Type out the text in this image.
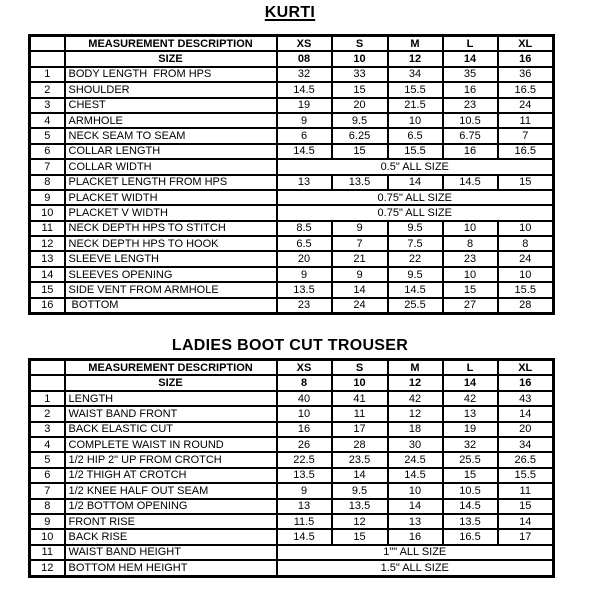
KURTI
	MEASUREMENT DESCRIPTION	XS	S	M	L	XL
	SIZE	08	10	12	14	16
1	BODY LENGTH  FROM HPS	32	33	34	35	36
2	SHOULDER	14.5	15	15.5	16	16.5
3	CHEST	19	20	21.5	23	24
4	ARMHOLE	9	9.5	10	10.5	11
5	NECK SEAM TO SEAM	6	6.25	6.5	6.75	7
6	COLLAR LENGTH	14.5	15	15.5	16	16.5
7	COLLAR WIDTH	0.5" ALL SIZE				
8	PLACKET LENGTH FROM HPS	13	13.5	14	14.5	15
9	PLACKET WIDTH	0.75" ALL SIZE				
10	PLACKET V WIDTH	0.75" ALL SIZE				
11	NECK DEPTH HPS TO STITCH	8.5	9	9.5	10	10
12	NECK DEPTH HPS TO HOOK	6.5	7	7.5	8	8
13	SLEEVE LENGTH	20	21	22	23	24
14	SLEEVES OPENING	9	9	9.5	10	10
15	SIDE VENT FROM ARMHOLE	13.5	14	14.5	15	15.5
16	BOTTOM	23	24	25.5	27	28
LADIES BOOT CUT TROUSER
	MEASUREMENT DESCRIPTION	XS	S	M	L	XL
	SIZE	8	10	12	14	16
1	LENGTH	40	41	42	42	43
2	WAIST BAND FRONT	10	11	12	13	14
3	BACK ELASTIC CUT	16	17	18	19	20
4	COMPLETE WAIST IN ROUND	26	28	30	32	34
5	1/2 HIP 2" UP FROM CROTCH	22.5	23.5	24.5	25.5	26.5
6	1/2 THIGH AT CROTCH	13.5	14	14.5	15	15.5
7	1/2 KNEE HALF OUT SEAM	9	9.5	10	10.5	11
8	1/2 BOTTOM OPENING	13	13.5	14	14.5	15
9	FRONT RISE	11.5	12	13	13.5	14
10	BACK RISE	14.5	15	16	16.5	17
11	WAIST BAND HEIGHT	1"" ALL SIZE				
12	BOTTOM HEM HEIGHT	1.5" ALL SIZE				
